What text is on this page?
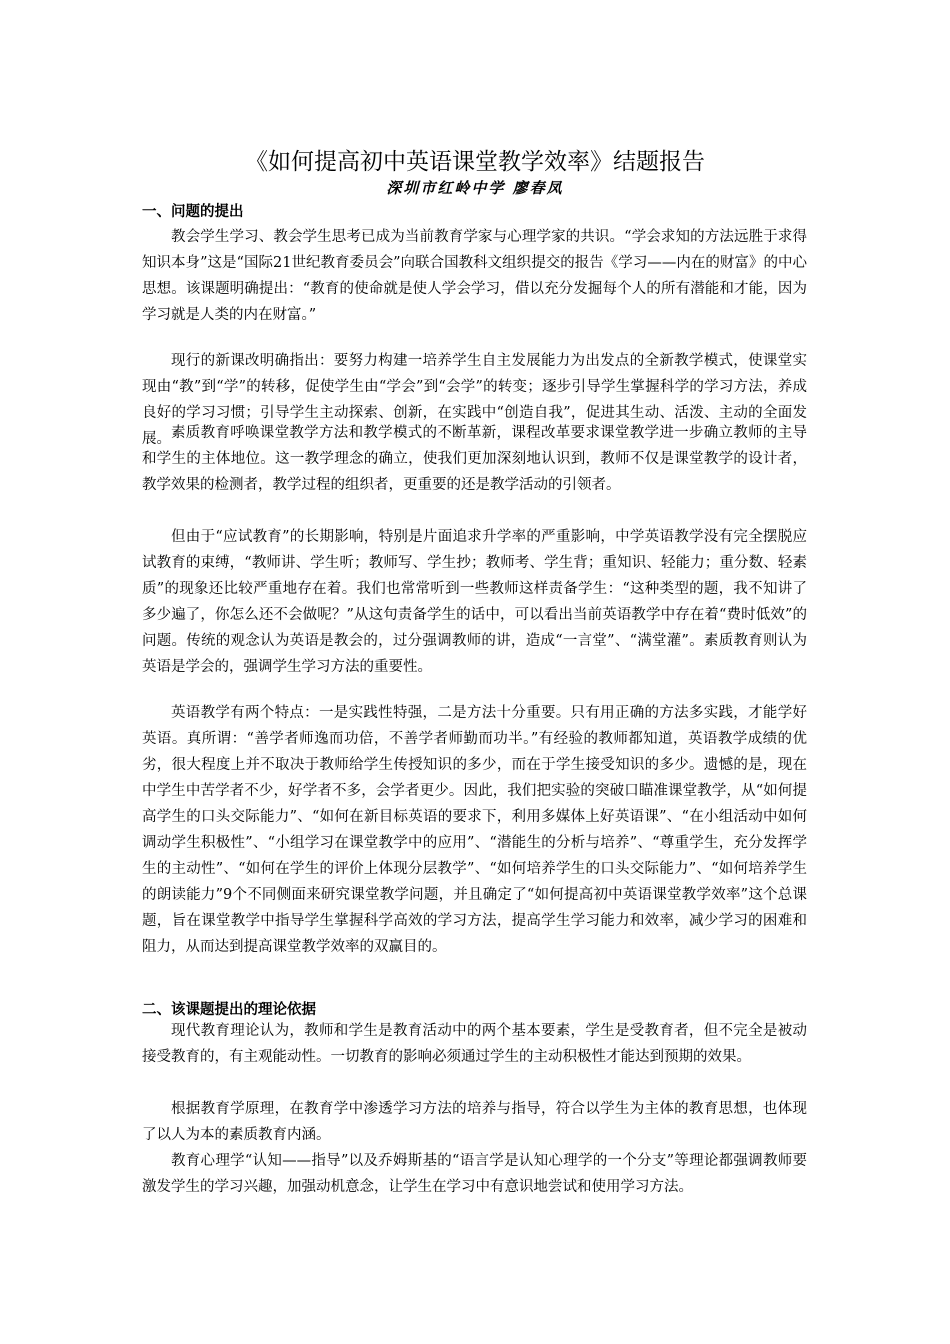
《如何提高初中英语课堂教学效率》结题报告
深圳市红岭中学 廖春凤
一、问题的提出

教会学生学习、教会学生思考已成为当前教育学家与心理学家的共识。“学会求知的方法远胜于求得知识本身”这是“国际21世纪教育委员会”向联合国教科文组织提交的报告《学习——内在的财富》的中心思想。该课题明确提出：“教育的使命就是使人学会学习，借以充分发掘每个人的所有潜能和才能，因为学习就是人类的内在财富。”

现行的新课改明确指出：要努力构建一培养学生自主发展能力为出发点的全新教学模式，使课堂实现由“教”到“学”的转移，促使学生由“学会”到“会学”的转变；逐步引导学生掌握科学的学习方法，养成良好的学习习惯；引导学生主动探索、创新，在实践中“创造自我”，促进其生动、活泼、主动的全面发展。 素质教育呼唤课堂教学方法和教学模式的不断革新，课程改革要求课堂教学进一步确立教师的主导和学生的主体地位。这一教学理念的确立，使我们更加深刻地认识到，教师不仅是课堂教学的设计者，教学效果的检测者，教学过程的组织者，更重要的还是教学活动的引领者。

但由于“应试教育”的长期影响，特别是片面追求升学率的严重影响，中学英语教学没有完全摆脱应试教育的束缚，“教师讲、学生听；教师写、学生抄；教师考、学生背；重知识、轻能力；重分数、轻素质”的现象还比较严重地存在着。我们也常常听到一些教师这样责备学生：“这种类型的题，我不知讲了多少遍了，你怎么还不会做呢？”从这句责备学生的话中，可以看出当前英语教学中存在着“费时低效”的问题。传统的观念认为英语是教会的，过分强调教师的讲，造成“一言堂”、“满堂灌”。素质教育则认为英语是学会的，强调学生学习方法的重要性。

英语教学有两个特点：一是实践性特强，二是方法十分重要。只有用正确的方法多实践，才能学好英语。真所谓：“善学者师逸而功倍，不善学者师勤而功半。”有经验的教师都知道，英语教学成绩的优劣，很大程度上并不取决于教师给学生传授知识的多少，而在于学生接受知识的多少。遗憾的是，现在中学生中苦学者不少，好学者不多，会学者更少。因此，我们把实验的突破口瞄准课堂教学，从“如何提高学生的口头交际能力”、“如何在新目标英语的要求下，利用多媒体上好英语课”、“在小组活动中如何调动学生积极性”、“小组学习在课堂教学中的应用”、“潜能生的分析与培养”、“尊重学生，充分发挥学生的主动性”、“如何在学生的评价上体现分层教学”、“如何培养学生的口头交际能力”、“如何培养学生的朗读能力”9个不同侧面来研究课堂教学问题，并且确定了“如何提高初中英语课堂教学效率”这个总课题，旨在课堂教学中指导学生掌握科学高效的学习方法，提高学生学习能力和效率，减少学习的困难和阻力，从而达到提高课堂教学效率的双赢目的。

二、该课题提出的理论依据

现代教育理论认为，教师和学生是教育活动中的两个基本要素，学生是受教育者，但不完全是被动接受教育的，有主观能动性。一切教育的影响必须通过学生的主动积极性才能达到预期的效果。

根据教育学原理，在教育学中渗透学习方法的培养与指导，符合以学生为主体的教育思想，也体现了以人为本的素质教育内涵。

教育心理学“认知——指导”以及乔姆斯基的“语言学是认知心理学的一个分支”等理论都强调教师要激发学生的学习兴趣，加强动机意念，让学生在学习中有意识地尝试和使用学习方法。
